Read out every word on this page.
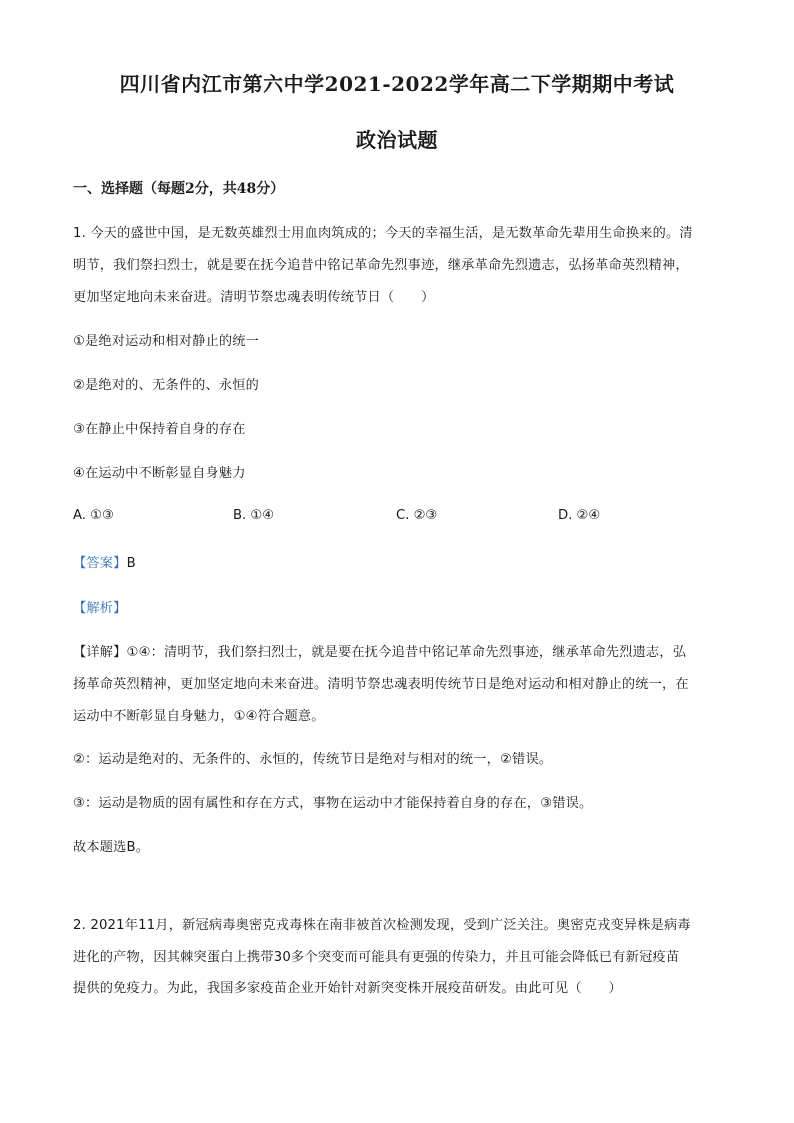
四川省内江市第六中学2021-2022学年高二下学期期中考试
政治试题
一、选择题（每题2分，共48分）
1. 今天的盛世中国，是无数英雄烈士用血肉筑成的；今天的幸福生活，是无数革命先辈用生命换来的。清
明节，我们祭扫烈士，就是要在抚今追昔中铭记革命先烈事迹，继承革命先烈遗志，弘扬革命英烈精神，
更加坚定地向未来奋进。清明节祭忠魂表明传统节日（　　）
①是绝对运动和相对静止的统一
②是绝对的、无条件的、永恒的
③在静止中保持着自身的存在
④在运动中不断彰显自身魅力
A. ①③	B. ①④	C. ②③	D. ②④
【答案】B
【解析】
【详解】①④：清明节，我们祭扫烈士，就是要在抚今追昔中铭记革命先烈事迹，继承革命先烈遗志，弘
扬革命英烈精神，更加坚定地向未来奋进。清明节祭忠魂表明传统节日是绝对运动和相对静止的统一，在
运动中不断彰显自身魅力，①④符合题意。
②：运动是绝对的、无条件的、永恒的，传统节日是绝对与相对的统一，②错误。
③：运动是物质的固有属性和存在方式，事物在运动中才能保持着自身的存在，③错误。
故本题选B。
2. 2021年11月，新冠病毒奥密克戎毒株在南非被首次检测发现，受到广泛关注。奥密克戎变异株是病毒
进化的产物，因其棘突蛋白上携带30多个突变而可能具有更强的传染力，并且可能会降低已有新冠疫苗
提供的免疫力。为此，我国多家疫苗企业开始针对新突变株开展疫苗研发。由此可见（　　）
